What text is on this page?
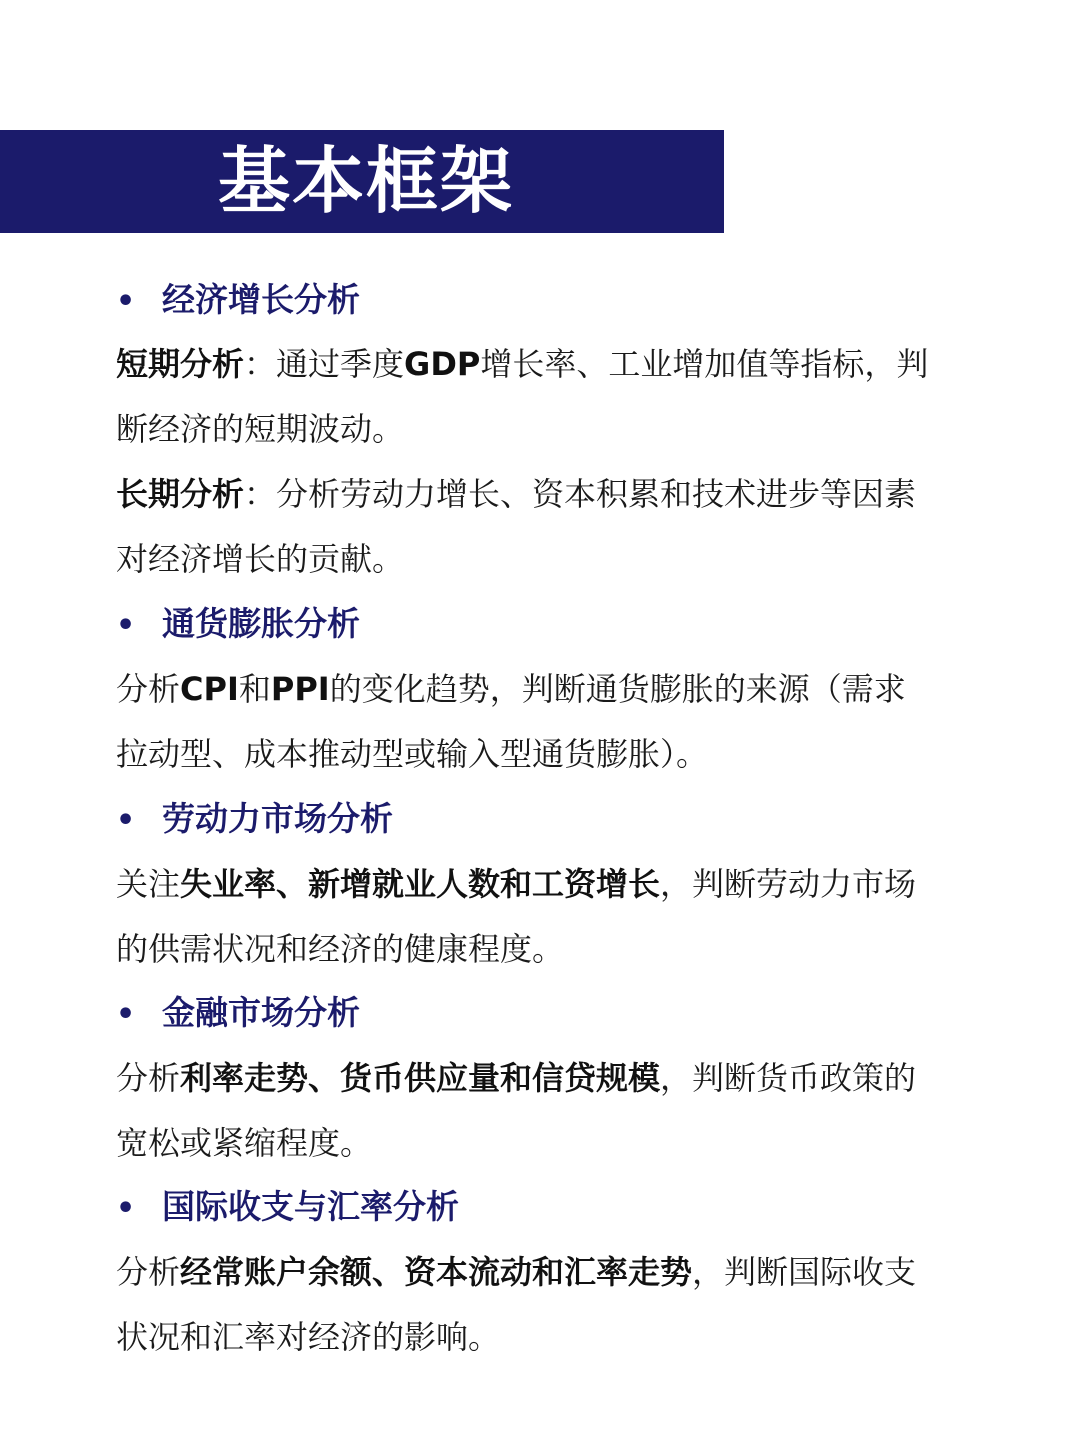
基本框架
• 经济增长分析
短期分析：通过季度GDP增长率、工业增加值等指标，判断经济的短期波动。
长期分析：分析劳动力增长、资本积累和技术进步等因素对经济增长的贡献。
• 通货膨胀分析
分析CPI和PPI的变化趋势，判断通货膨胀的来源（需求拉动型、成本推动型或输入型通货膨胀）。
• 劳动力市场分析
关注失业率、新增就业人数和工资增长，判断劳动力市场的供需状况和经济的健康程度。
• 金融市场分析
分析利率走势、货币供应量和信贷规模，判断货币政策的宽松或紧缩程度。
• 国际收支与汇率分析
分析经常账户余额、资本流动和汇率走势，判断国际收支状况和汇率对经济的影响。
